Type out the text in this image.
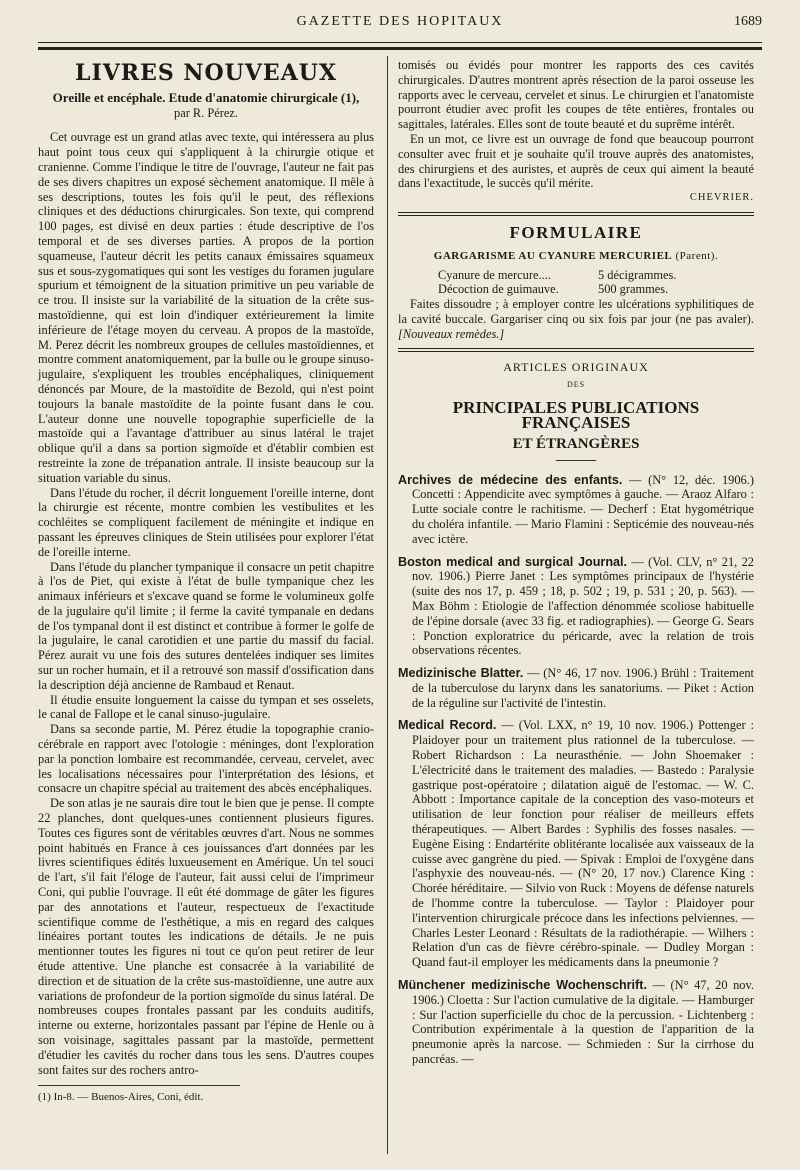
GAZETTE DES HOPITAUX	1689
LIVRES NOUVEAUX
Oreille et encéphale. Etude d'anatomie chirurgicale (1),
par R. Pérez.

Cet ouvrage est un grand atlas avec texte, qui intéressera au plus haut point tous ceux qui s'appliquent à la chirurgie otique et cranienne. Comme l'indique le titre de l'ouvrage, l'auteur ne fait pas de ses divers chapitres un exposé sèchement anatomique. Il mêle à ses descriptions, toutes les fois qu'il le peut, des réflexions cliniques et des déductions chirurgicales. Son texte, qui comprend 100 pages, est divisé en deux parties : étude descriptive de l'os temporal et de ses diverses parties. A propos de la portion squameuse, l'auteur décrit les petits canaux émissaires squameux sus et sous-zygomatiques qui sont les vestiges du foramen jugulare spurium et témoignent de la situation primitive un peu variable de ce trou. Il insiste sur la variabilité de la situation de la crête sus-mastoïdienne, qui est loin d'indiquer extérieurement la limite inférieure de l'étage moyen du cerveau. A propos de la mastoïde, M. Perez décrit les nombreux groupes de cellules mastoïdiennes, et montre comment anatomiquement, par la bulle ou le groupe sinuso-jugulaire, s'expliquent les troubles encéphaliques, cliniquement dénoncés par Moure, de la mastoïdite de Bezold, qui n'est point toujours la banale mastoïdite de la pointe fusant dans le cou. L'auteur donne une nouvelle topographie superficielle de la mastoïde qui a l'avantage d'attribuer au sinus latéral le trajet oblique qu'il a dans sa portion sigmoïde et d'établir combien est restreinte la zone de trépanation antrale. Il insiste beaucoup sur la situation variable du sinus.

Dans l'étude du rocher, il décrit longuement l'oreille interne, dont la chirurgie est récente, montre combien les vestibulites et les cochléites se compliquent facilement de méningite et indique en passant les épreuves cliniques de Stein utilisées pour explorer l'état de l'oreille interne.

Dans l'étude du plancher tympanique il consacre un petit chapitre à l'os de Piet, qui existe à l'état de bulle tympanique chez les animaux inférieurs et s'excave quand se forme le volumineux golfe de la jugulaire qu'il limite ; il ferme la cavité tympanale en dedans de l'os tympanal dont il est distinct et contribue à former le golfe de la jugulaire, le canal carotidien et une partie du massif du facial. Pérez aurait vu une fois des sutures dentelées indiquer ses limites sur un rocher humain, et il a retrouvé son massif d'ossification dans la description déjà ancienne de Rambaud et Renaut.

Il étudie ensuite longuement la caisse du tympan et ses osselets, le canal de Fallope et le canal sinuso-jugulaire.

Dans sa seconde partie, M. Pérez étudie la topographie cranio-cérébrale en rapport avec l'otologie : méninges, dont l'exploration par la ponction lombaire est recommandée, cerveau, cervelet, avec les localisations nécessaires pour l'interprétation des lésions, et consacre un chapitre spécial au traitement des abcès encéphaliques.

De son atlas je ne saurais dire tout le bien que je pense. Il compte 22 planches, dont quelques-unes contiennent plusieurs figures. Toutes ces figures sont de véritables œuvres d'art. Nous ne sommes point habitués en France à ces jouissances d'art données par les livres scientifiques édités luxueusement en Amérique. Un tel souci de l'art, s'il fait l'éloge de l'auteur, fait aussi celui de l'imprimeur Coni, qui publie l'ouvrage. Il eût été dommage de gâter les figures par des annotations et l'auteur, respectueux de l'exactitude scientifique comme de l'esthétique, a mis en regard des calques linéaires portant toutes les indications de détails. Je ne puis mentionner toutes les figures ni tout ce qu'on peut retirer de leur étude attentive. Une planche est consacrée à la variabilité de direction et de situation de la crête sus-mastoïdienne, une autre aux variations de profondeur de la portion sigmoïde du sinus latéral. De nombreuses coupes frontales passant par les conduits auditifs, interne ou externe, horizontales passant par l'épine de Henle ou à son voisinage, sagittales passant par la mastoïde, permettent d'étudier les cavités du rocher dans tous les sens. D'autres coupes sont faites sur des rochers antro-

(1) In-8. — Buenos-Aires, Coni, édit.

tomisés ou évidés pour montrer les rapports des ces cavités chirurgicales. D'autres montrent après résection de la paroi osseuse les rapports avec le cerveau, cervelet et sinus. Le chirurgien et l'anatomiste pourront étudier avec profit les coupes de tête entières, frontales ou sagittales, latérales. Elles sont de toute beauté et du suprême intérêt.

En un mot, ce livre est un ouvrage de fond que beaucoup pourront consulter avec fruit et je souhaite qu'il trouve auprès des anatomistes, des chirurgiens et des auristes, et auprès de ceux qui aiment la beauté dans l'exactitude, le succès qu'il mérite.

CHEVRIER.
FORMULAIRE
GARGARISME AU CYANURE MERCURIEL (Parent).
Cyanure de mercure....	5 décigrammes.
Décoction de guimauve.	500 grammes.

Faites dissoudre ; à employer contre les ulcérations syphilitiques de la cavité buccale. Gargariser cinq ou six fois par jour (ne pas avaler). [Nouveaux remèdes.]

ARTICLES ORIGINAUX
DES
PRINCIPALES PUBLICATIONS FRANÇAISES
ET ÉTRANGÈRES

Archives de médecine des enfants. — (N° 12, déc. 1906.) Concetti : Appendicite avec symptômes à gauche. — Araoz Alfaro : Lutte sociale contre le rachitisme. — Decherf : Etat hygométrique du choléra infantile. — Mario Flamini : Septicémie des nouveau-nés avec ictère.

Boston medical and surgical Journal. — (Vol. CLV, n° 21, 22 nov. 1906.) Pierre Janet : Les symptômes principaux de l'hystérie (suite des nos 17, p. 459 ; 18, p. 502 ; 19, p. 531 ; 20, p. 563). — Max Böhm : Etiologie de l'affection dénommée scoliose habituelle de l'épine dorsale (avec 33 fig. et radiographies). — George G. Sears : Ponction exploratrice du péricarde, avec la relation de trois observations récentes.

Medizinische Blatter. — (N° 46, 17 nov. 1906.) Brühl : Traitement de la tuberculose du larynx dans les sanatoriums. — Piket : Action de la réguline sur l'activité de l'intestin.

Medical Record. — (Vol. LXX, n° 19, 10 nov. 1906.) Pottenger : Plaidoyer pour un traitement plus rationnel de la tuberculose. — Robert Richardson : La neurasthénie. — John Shoemaker : L'électricité dans le traitement des maladies. — Bastedo : Paralysie gastrique post-opératoire ; dilatation aiguë de l'estomac. — W. C. Abbott : Importance capitale de la conception des vaso-moteurs et utilisation de leur fonction pour réaliser de meilleurs effets thérapeutiques. — Albert Bardes : Syphilis des fosses nasales. — Eugène Eising : Endartérite oblitérante localisée aux vaisseaux de la cuisse avec gangrène du pied. — Spivak : Emploi de l'oxygène dans l'asphyxie des nouveau-nés. — (N° 20, 17 nov.) Clarence King : Chorée héréditaire. — Silvio von Ruck : Moyens de défense naturels de l'homme contre la tuberculose. — Taylor : Plaidoyer pour l'intervention chirurgicale précoce dans les infections pelviennes. — Charles Lester Leonard : Résultats de la radiothérapie. — Wilhers : Relation d'un cas de fièvre cérébro-spinale. — Dudley Morgan : Quand faut-il employer les médicaments dans la pneumonie ?

Münchener medizinische Wochenschrift. — (N° 47, 20 nov. 1906.) Cloetta : Sur l'action cumulative de la digitale. — Hamburger : Sur l'action superficielle du choc de la percussion. - Lichtenberg : Contribution expérimentale à la question de l'apparition de la pneumonie après la narcose. — Schmieden : Sur la cirrhose du pancréas. —
